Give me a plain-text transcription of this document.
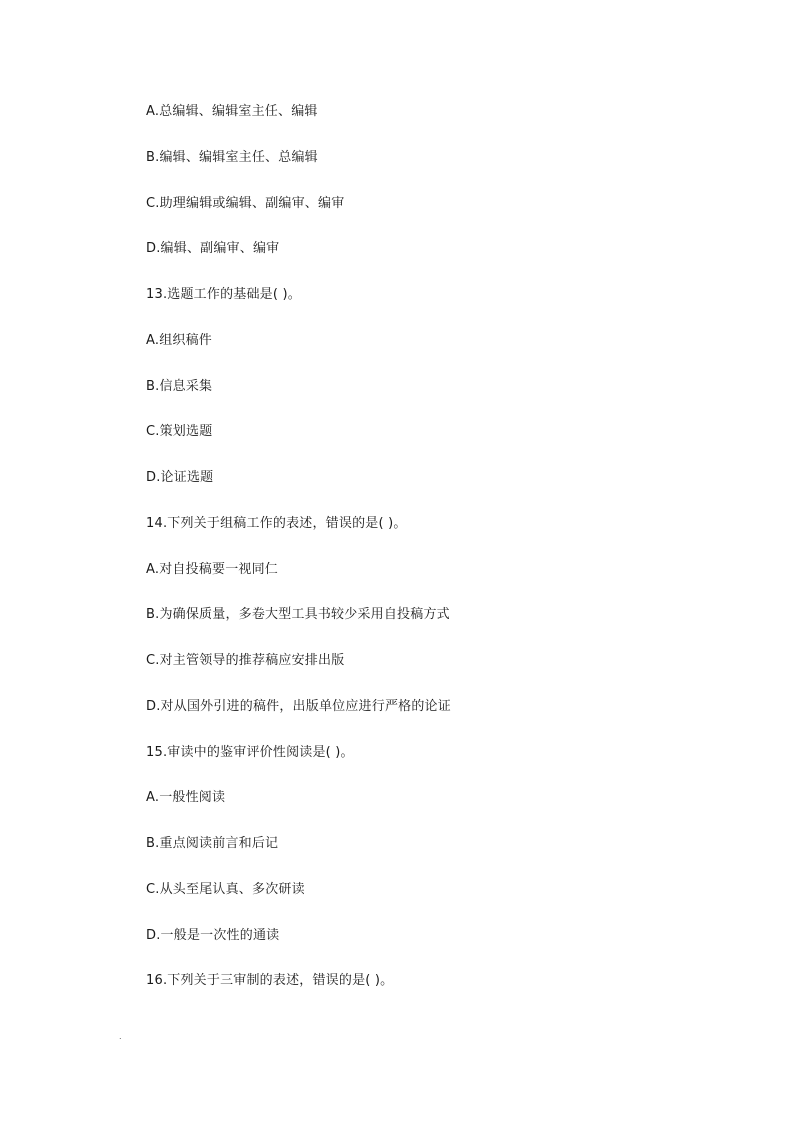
A.总编辑、编辑室主任、编辑
B.编辑、编辑室主任、总编辑
C.助理编辑或编辑、副编审、编审
D.编辑、副编审、编审
13.选题工作的基础是( )。
A.组织稿件
B.信息采集
C.策划选题
D.论证选题
14.下列关于组稿工作的表述，错误的是( )。
A.对自投稿要一视同仁
B.为确保质量，多卷大型工具书较少采用自投稿方式
C.对主管领导的推荐稿应安排出版
D.对从国外引进的稿件，出版单位应进行严格的论证
15.审读中的鉴审评价性阅读是( )。
A.一般性阅读
B.重点阅读前言和后记
C.从头至尾认真、多次研读
D.一般是一次性的通读
16.下列关于三审制的表述，错误的是( )。
.
